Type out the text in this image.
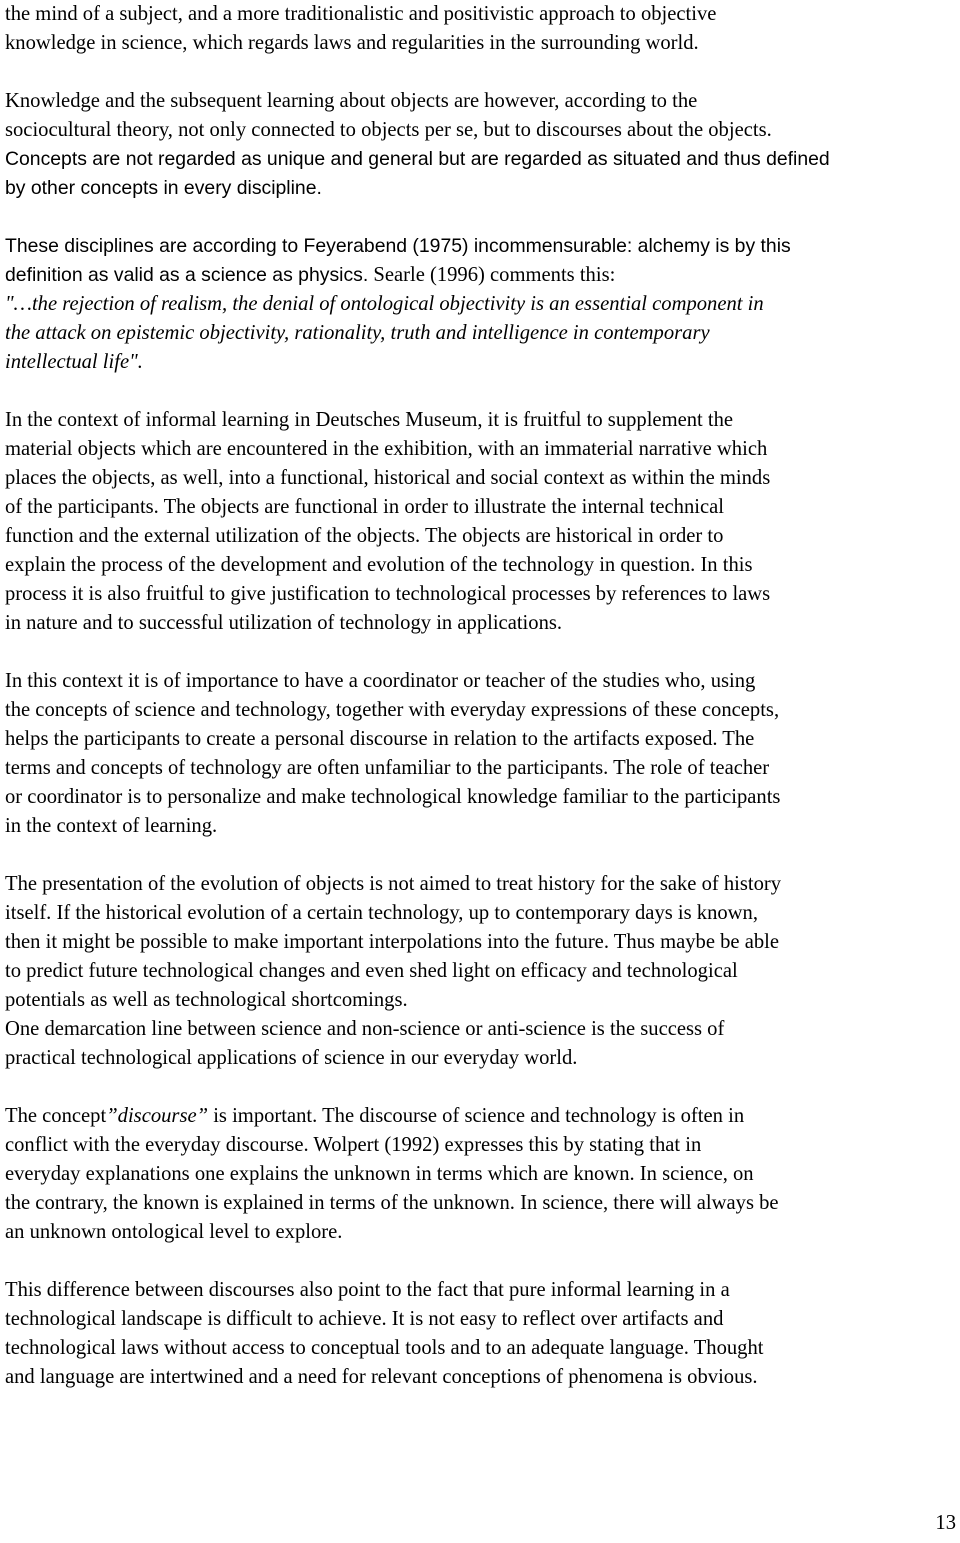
the mind of a subject, and a more traditionalistic and positivistic approach to objective
knowledge in science, which regards laws and regularities in the surrounding world.
Knowledge and the subsequent learning about objects are however, according to the
sociocultural theory, not only connected to objects per se, but to discourses about the objects.
Concepts are not regarded as unique and general but are regarded as situated and thus defined
by other concepts in every discipline.
These disciplines are according to Feyerabend (1975) incommensurable: alchemy is by this
definition as valid as a science as physics. Searle (1996) comments this:
"…the rejection of realism, the denial of ontological objectivity is an essential component in
the attack on epistemic objectivity, rationality, truth and intelligence in contemporary
intellectual life".
In the context of informal learning in Deutsches Museum, it is fruitful to supplement the
material objects which are encountered in the exhibition, with an immaterial narrative which
places the objects, as well, into a functional, historical and social context as within the minds
of the participants. The objects are functional in order to illustrate the internal technical
function and the external utilization of the objects. The objects are historical in order to
explain the process of the development and evolution of the technology in question. In this
process it is also fruitful to give justification to technological processes by references to laws
in nature and to successful utilization of technology in applications.
In this context it is of importance to have a coordinator or teacher of the studies who, using
the concepts of science and technology, together with everyday expressions of these concepts,
helps the participants to create a personal discourse in relation to the artifacts exposed. The
terms and concepts of technology are often unfamiliar to the participants. The role of teacher
or coordinator is to personalize and make technological knowledge familiar to the participants
in the context of learning.
The presentation of the evolution of objects is not aimed to treat history for the sake of history
itself. If the historical evolution of a certain technology, up to contemporary days is known,
then it might be possible to make important interpolations into the future. Thus maybe be able
to predict future technological changes and even shed light on efficacy and technological
potentials as well as technological shortcomings.
One demarcation line between science and non-science or anti-science is the success of
practical technological applications of science in our everyday world.
The concept”discourse” is important. The discourse of science and technology is often in
conflict with the everyday discourse. Wolpert (1992) expresses this by stating that in
everyday explanations one explains the unknown in terms which are known. In science, on
the contrary, the known is explained in terms of the unknown. In science, there will always be
an unknown ontological level to explore.
This difference between discourses also point to the fact that pure informal learning in a
technological landscape is difficult to achieve. It is not easy to reflect over artifacts and
technological laws without access to conceptual tools and to an adequate language. Thought
and language are intertwined and a need for relevant conceptions of phenomena is obvious.
13
